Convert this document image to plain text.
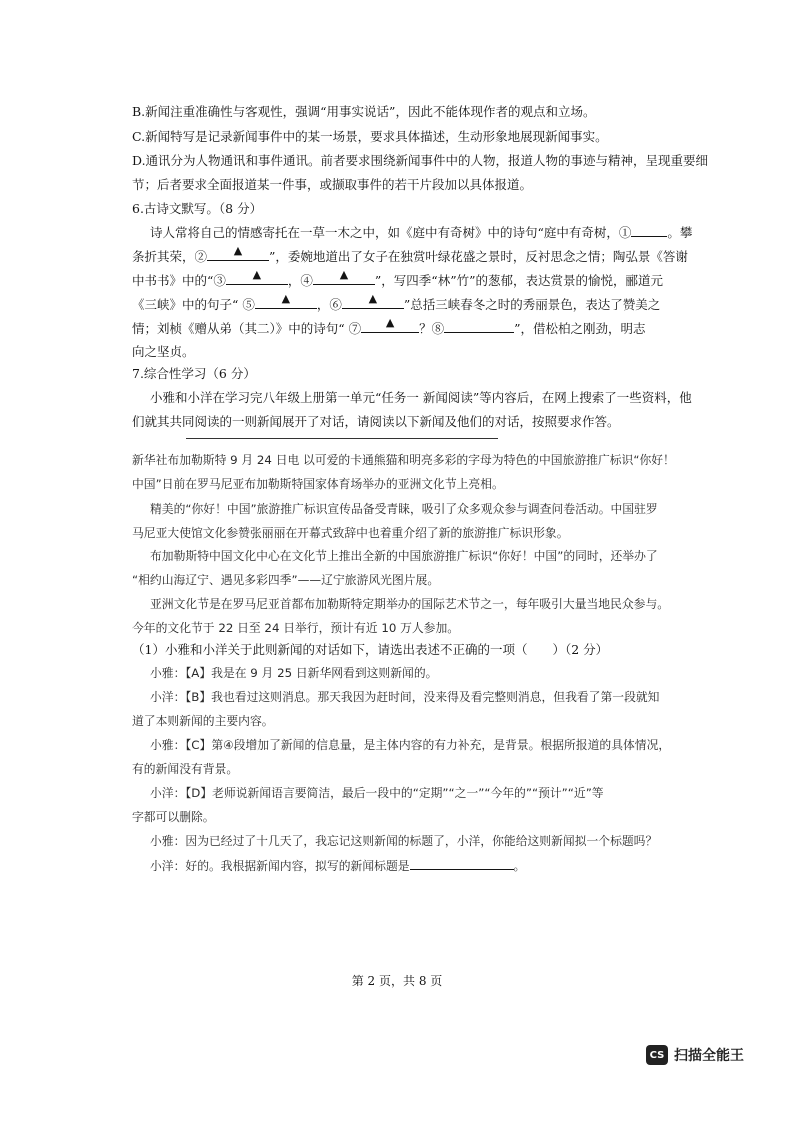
B.新闻注重准确性与客观性，强调“用事实说话”，因此不能体现作者的观点和立场。
C.新闻特写是记录新闻事件中的某一场景，要求具体描述，生动形象地展现新闻事实。
D.通讯分为人物通讯和事件通讯。前者要求围绕新闻事件中的人物，报道人物的事迹与精神，呈现重要细
节；后者要求全面报道某一件事，或撷取事件的若干片段加以具体报道。
6.古诗文默写。（8 分）
诗人常将自己的情感寄托在一草一木之中，如《庭中有奇树》中的诗句“庭中有奇树，①	。攀
条折其荣，② ▲ ”，委婉地道出了女子在独赏叶绿花盛之景时，反衬思念之情；陶弘景《答谢
中书书》中的“③ ▲ ，④ ▲ ”，写四季“林”竹”的葱郁，表达赏景的愉悦，郦道元
《三峡》中的句子“ ⑤ ▲ ，⑥ ▲ ”总括三峡春冬之时的秀丽景色，表达了赞美之
情；刘桢《赠从弟（其二）》中的诗句“ ⑦ ▲ ？⑧	”，借松柏之刚劲，明志
向之坚贞。
7.综合性学习（6 分）
小雅和小洋在学习完八年级上册第一单元“任务一 新闻阅读”等内容后，在网上搜索了一些资料，他
们就其共同阅读的一则新闻展开了对话，请阅读以下新闻及他们的对话，按照要求作答。
新华社布加勒斯特 9 月 24 日电 以可爱的卡通熊猫和明亮多彩的字母为特色的中国旅游推广标识“你好！
中国”日前在罗马尼亚布加勒斯特国家体育场举办的亚洲文化节上亮相。
精美的“你好！中国”旅游推广标识宣传品备受青睐，吸引了众多观众参与调查问卷活动。中国驻罗
马尼亚大使馆文化参赞张丽丽在开幕式致辞中也着重介绍了新的旅游推广标识形象。
布加勒斯特中国文化中心在文化节上推出全新的中国旅游推广标识“你好！中国”的同时，还举办了
“相约山海辽宁、遇见多彩四季”——辽宁旅游风光图片展。
亚洲文化节是在罗马尼亚首都布加勒斯特定期举办的国际艺术节之一，每年吸引大量当地民众参与。
今年的文化节于 22 日至 24 日举行，预计有近 10 万人参加。
（1）小雅和小洋关于此则新闻的对话如下，请选出表述不正确的一项（　　）（2 分）
小雅：【A】我是在 9 月 25 日新华网看到这则新闻的。
小洋：【B】我也看过这则消息。那天我因为赶时间，没来得及看完整则消息，但我看了第一段就知
道了本则新闻的主要内容。
小雅：【C】第④段增加了新闻的信息量，是主体内容的有力补充，是背景。根据所报道的具体情况，
有的新闻没有背景。
小洋：【D】老师说新闻语言要简洁，最后一段中的“定期”“之一”“今年的”“预计”“近”等
字都可以删除。
小雅：因为已经过了十几天了，我忘记这则新闻的标题了，小洋，你能给这则新闻拟一个标题吗？
小洋：好的。我根据新闻内容，拟写的新闻标题是	。
第 2 页，共 8 页
CS 扫描全能王
